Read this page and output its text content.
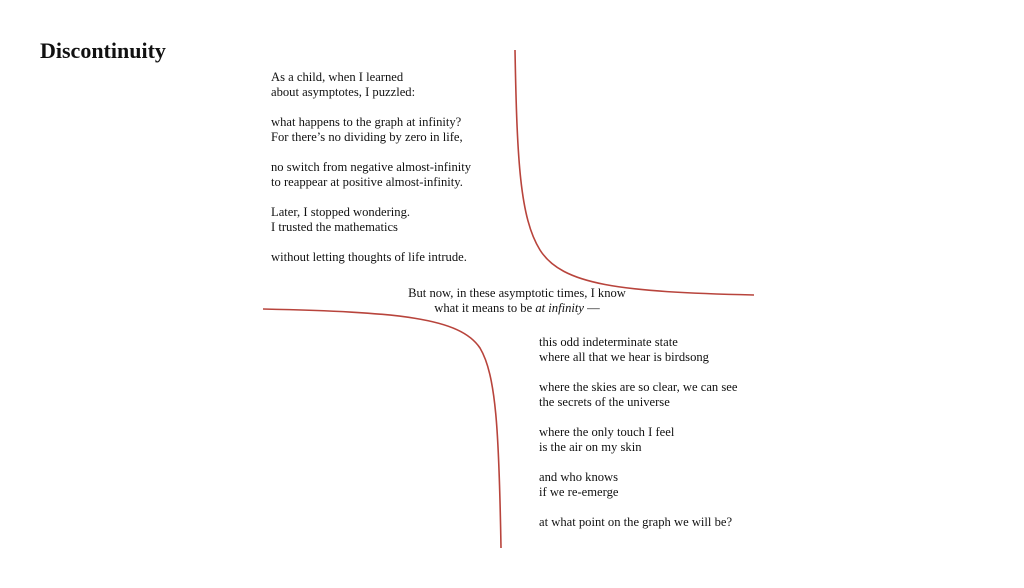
Discontinuity
As a child, when I learned
about asymptotes, I puzzled:
what happens to the graph at infinity?
For there’s no dividing by zero in life,
no switch from negative almost-infinity
to reappear at positive almost-infinity.
Later, I stopped wondering.
I trusted the mathematics
without letting thoughts of life intrude.
But now, in these asymptotic times, I know
what it means to be at infinity —
this odd indeterminate state
where all that we hear is birdsong
where the skies are so clear, we can see
the secrets of the universe
where the only touch I feel
is the air on my skin
and who knows
if we re-emerge
at what point on the graph we will be?
